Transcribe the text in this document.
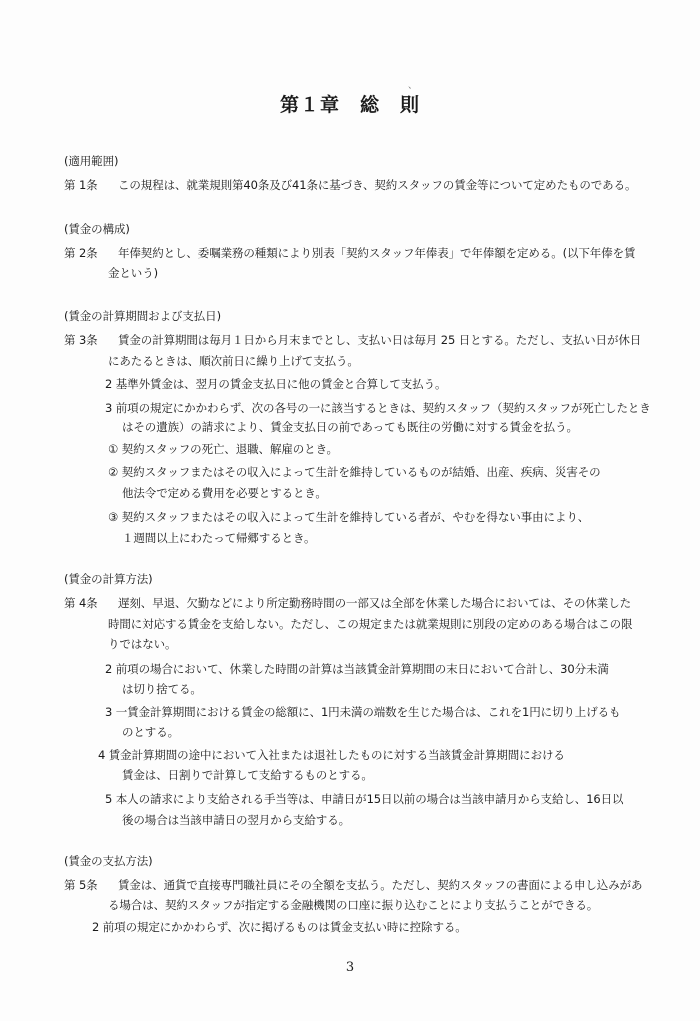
、
第１章　総　則
(適用範囲)
第 1条 この規程は、就業規則第40条及び41条に基づき、契約スタッフの賃金等について定めたものである。
(賃金の構成)
第 2条 年俸契約とし、委嘱業務の種類により別表「契約スタッフ年俸表」で年俸額を定める。(以下年俸を賃
金という)
(賃金の計算期間および支払日)
第 3条 賃金の計算期間は毎月１日から月末までとし、支払い日は毎月 25 日とする。ただし、支払い日が休日
にあたるときは、順次前日に繰り上げて支払う。
2 基準外賃金は、翌月の賃金支払日に他の賃金と合算して支払う。
3 前項の規定にかかわらず、次の各号の一に該当するときは、契約スタッフ（契約スタッフが死亡したとき
はその遺族）の請求により、賃金支払日の前であっても既往の労働に対する賃金を払う。
① 契約スタッフの死亡、退職、解雇のとき。
② 契約スタッフまたはその収入によって生計を維持しているものが結婚、出産、疾病、災害その
他法令で定める費用を必要とするとき。
③ 契約スタッフまたはその収入によって生計を維持している者が、やむを得ない事由により、
１週間以上にわたって帰郷するとき。
(賃金の計算方法)
第 4条 遅刻、早退、欠勤などにより所定勤務時間の一部又は全部を休業した場合においては、その休業した
時間に対応する賃金を支給しない。ただし、この規定または就業規則に別段の定めのある場合はこの限
りではない。
2 前項の場合において、休業した時間の計算は当該賃金計算期間の末日において合計し、30分未満
は切り捨てる。
3 一賃金計算期間における賃金の総額に、1円未満の端数を生じた場合は、これを1円に切り上げるも
のとする。
4 賃金計算期間の途中において入社または退社したものに対する当該賃金計算期間における
賃金は、日割りで計算して支給するものとする。
5 本人の請求により支給される手当等は、申請日が15日以前の場合は当該申請月から支給し、16日以
後の場合は当該申請日の翌月から支給する。
(賃金の支払方法)
第 5条 賃金は、通貨で直接専門職社員にその全額を支払う。ただし、契約スタッフの書面による申し込みがあ
る場合は、契約スタッフが指定する金融機関の口座に振り込むことにより支払うことができる。
2 前項の規定にかかわらず、次に掲げるものは賃金支払い時に控除する。
3
